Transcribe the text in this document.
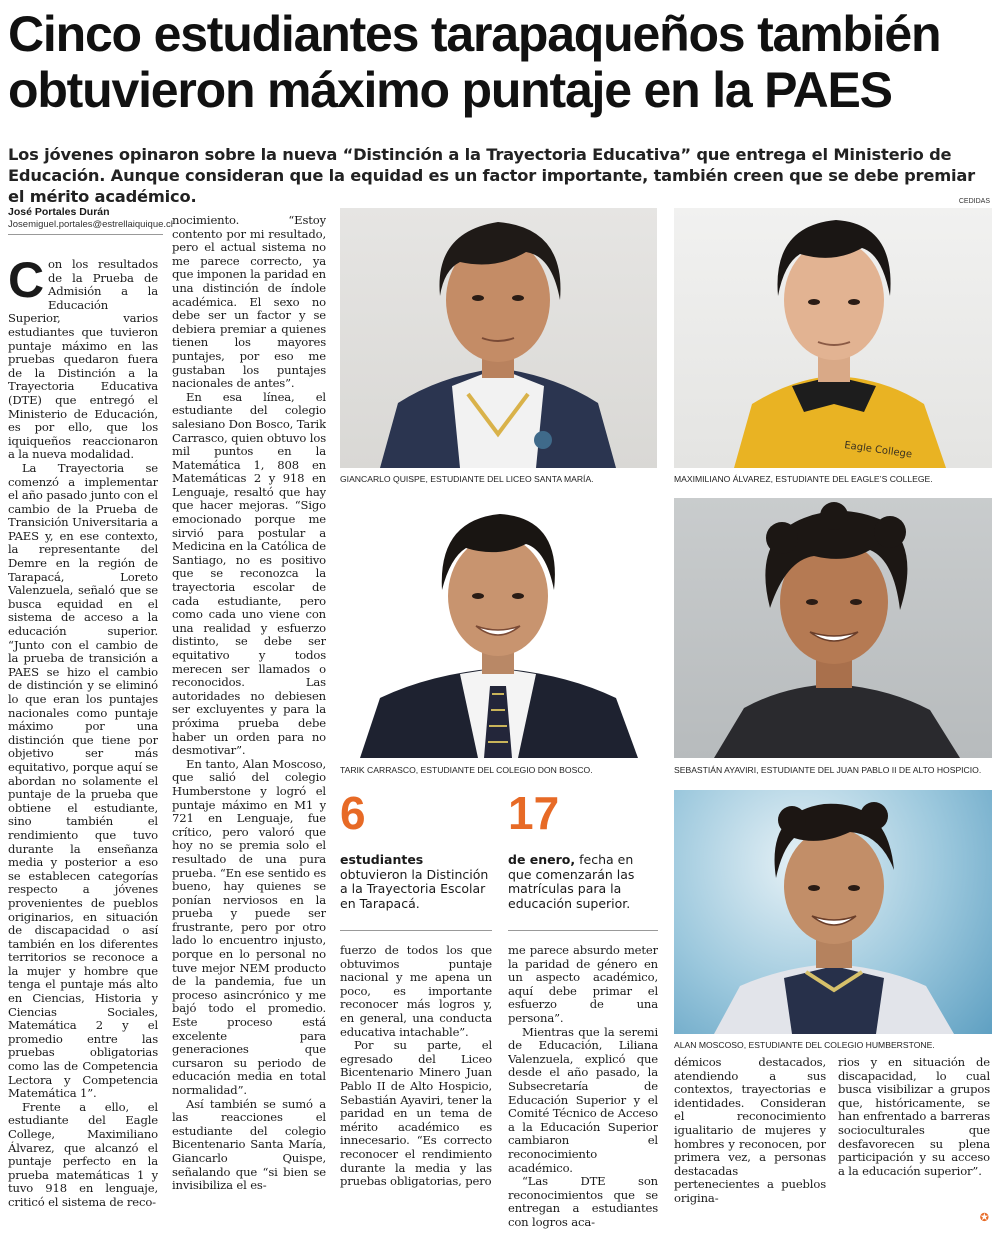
Cinco estudiantes tarapaqueños también
obtuvieron máximo puntaje en la PAES

Los jóvenes opinaron sobre la nueva “Distinción a la Trayectoria Educativa” que entrega el Ministerio de Educación. Aunque consideran que la equidad es un factor importante, también creen que se debe premiar el mérito académico.

José Portales Durán
Josemiguel.portales@estrellaiquique.cl
CEDIDAS

Con los resultados de la Prueba de Admisión a la Educación Superior, varios estudiantes que tuvieron puntaje máximo en las pruebas quedaron fuera de la Distinción a la Trayectoria Educativa (DTE) que entregó el Ministerio de Educación, es por ello, que los iquiqueños reaccionaron a la nueva modalidad.

La Trayectoria se comenzó a implementar el año pasado junto con el cambio de la Prueba de Transición Universitaria a PAES y, en ese contexto, la representante del Demre en la región de Tarapacá, Loreto Valenzuela, señaló que se busca equidad en el sistema de acceso a la educación superior. “Junto con el cambio de la prueba de transición a PAES se hizo el cambio de distinción y se eliminó lo que eran los puntajes nacionales como puntaje máximo por una distinción que tiene por objetivo ser más equitativo, porque aquí se abordan no solamente el puntaje de la prueba que obtiene el estudiante, sino también el rendimiento que tuvo durante la enseñanza media y posterior a eso se establecen categorías respecto a jóvenes provenientes de pueblos originarios, en situación de discapacidad o así también en los diferentes territorios se reconoce a la mujer y hombre que tenga el puntaje más alto en Ciencias, Historia y Ciencias Sociales, Matemática 2 y el promedio entre las pruebas obligatorias como las de Competencia Lectora y Competencia Matemática 1”.

Frente a ello, el estudiante del Eagle College, Maximiliano Álvarez, que alcanzó el puntaje perfecto en la prueba matemáticas 1 y tuvo 918 en lenguaje, criticó el sistema de reco-

nocimiento. “Estoy contento por mi resultado, pero el actual sistema no me parece correcto, ya que imponen la paridad en una distinción de índole académica. El sexo no debe ser un factor y se debiera premiar a quienes tienen los mayores puntajes, por eso me gustaban los puntajes nacionales de antes”.

En esa línea, el estudiante del colegio salesiano Don Bosco, Tarik Carrasco, quien obtuvo los mil puntos en la Matemática 1, 808 en Matemáticas 2 y 918 en Lenguaje, resaltó que hay que hacer mejoras. “Sigo emocionado porque me sirvió para postular a Medicina en la Católica de Santiago, no es positivo que se reconozca la trayectoria escolar de cada estudiante, pero como cada uno viene con una realidad y esfuerzo distinto, se debe ser equitativo y todos merecen ser llamados o reconocidos. Las autoridades no debiesen ser excluyentes y para la próxima prueba debe haber un orden para no desmotivar”.

En tanto, Alan Moscoso, que salió del colegio Humberstone y logró el puntaje máximo en M1 y 721 en Lenguaje, fue crítico, pero valoró que hoy no se premia solo el resultado de una pura prueba. “En ese sentido es bueno, hay quienes se ponían nerviosos en la prueba y puede ser frustrante, pero por otro lado lo encuentro injusto, porque en lo personal no tuve mejor NEM producto de la pandemia, fue un proceso asincrónico y me bajó todo el promedio. Este proceso está excelente para generaciones que cursaron su periodo de educación media en total normalidad”.

Así también se sumó a las reacciones el estudiante del colegio Bicentenario Santa María, Giancarlo Quispe, señalando que “si bien se invisibiliza el es-

GIANCARLO QUISPE, ESTUDIANTE DEL LICEO SANTA MARÍA.
Eagle College
MAXIMILIANO ÁLVAREZ, ESTUDIANTE DEL EAGLE’S COLLEGE.
TARIK CARRASCO, ESTUDIANTE DEL COLEGIO DON BOSCO.	SEBASTIÁN AYAVIRI, ESTUDIANTE DEL JUAN PABLO II DE ALTO HOSPICIO.
6
estudiantes obtuvieron la Distinción a la Trayectoria Escolar en Tarapacá.
17
de enero, fecha en que comenzarán las matrículas para la educación superior.

fuerzo de todos los que obtuvimos puntaje nacional y me apena un poco, es importante reconocer más logros y, en general, una conducta educativa intachable”.

Por su parte, el egresado del Liceo Bicentenario Minero Juan Pablo II de Alto Hospicio, Sebastián Ayaviri, tener la paridad en un tema de mérito académico es innecesario. “Es correcto reconocer el rendimiento durante la media y las pruebas obligatorias, pero

me parece absurdo meter la paridad de género en un aspecto académico, aquí debe primar el esfuerzo de una persona”.

Mientras que la seremi de Educación, Liliana Valenzuela, explicó que desde el año pasado, la Subsecretaría de Educación Superior y el Comité Técnico de Acceso a la Educación Superior cambiaron el reconocimiento académico.

“Las DTE son reconocimientos que se entregan a estudiantes con logros aca-

ALAN MOSCOSO, ESTUDIANTE DEL COLEGIO HUMBERSTONE.

démicos destacados, atendiendo a sus contextos, trayectorias e identidades. Consideran el reconocimiento igualitario de mujeres y hombres y reconocen, por primera vez, a personas destacadas pertenecientes a pueblos origina-

rios y en situación de discapacidad, lo cual busca visibilizar a grupos que, históricamente, se han enfrentado a barreras socioculturales que desfavorecen su plena participación y su acceso a la educación superior”.

✪
